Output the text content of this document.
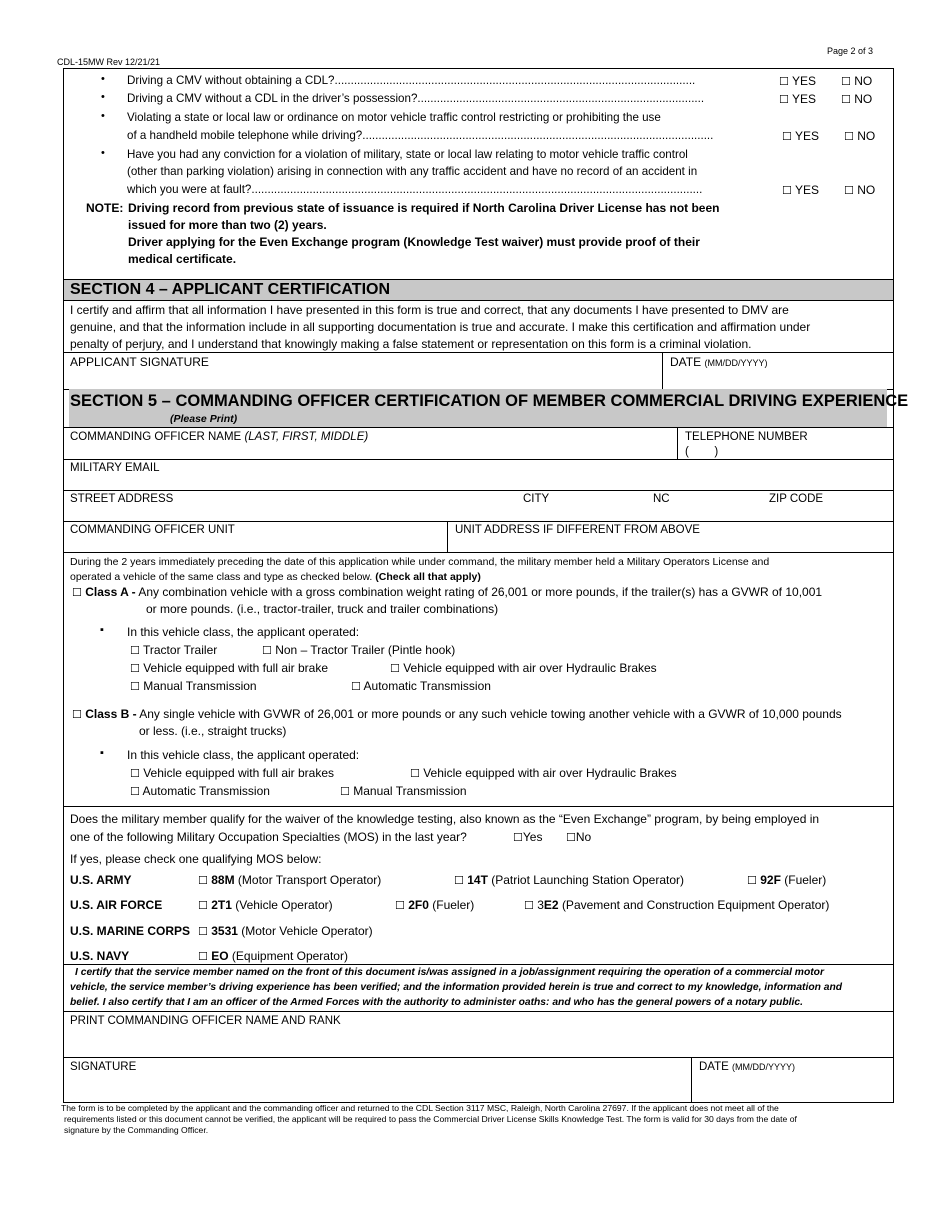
CDL-15MW Rev 12/21/21
Page 2 of 3
• Driving a CMV without obtaining a CDL?................................................................................................................	☐ YES ☐ NO
• Driving a CMV without a CDL in the driver’s possession?.........................................................................................	☐ YES ☐ NO
• Violating a state or local law or ordinance on motor vehicle traffic control restricting or prohibiting the use
of a handheld mobile telephone while driving?.............................................................................................................	☐ YES ☐ NO
• Have you had any conviction for a violation of military, state or local law relating to motor vehicle traffic control
(other than parking violation) arising in connection with any traffic accident and have no record of an accident in
which you were at fault?............................................................................................................................................	☐ YES ☐ NO
NOTE: Driving record from previous state of issuance is required if North Carolina Driver License has not been
issued for more than two (2) years.
Driver applying for the Even Exchange program (Knowledge Test waiver) must provide proof of their
medical certificate.
SECTION 4 – APPLICANT CERTIFICATION
I certify and affirm that all information I have presented in this form is true and correct, that any documents I have presented to DMV are
genuine, and that the information include in all supporting documentation is true and accurate. I make this certification and affirmation under
penalty of perjury, and I understand that knowingly making a false statement or representation on this form is a criminal violation.
APPLICANT SIGNATURE	DATE (MM/DD/YYYY)
SECTION 5 – COMMANDING OFFICER CERTIFICATION OF MEMBER COMMERCIAL DRIVING EXPERIENCE
(Please Print)
COMMANDING OFFICER NAME (LAST, FIRST, MIDDLE)	TELEPHONE NUMBER
(        )
MILITARY EMAIL
STREET ADDRESS	CITY	NC	ZIP CODE
COMMANDING OFFICER UNIT	UNIT ADDRESS IF DIFFERENT FROM ABOVE
During the 2 years immediately preceding the date of this application while under command, the military member held a Military Operators License and
operated a vehicle of the same class and type as checked below. (Check all that apply)
☐ Class A - Any combination vehicle with a gross combination weight rating of 26,001 or more pounds, if the trailer(s) has a GVWR of 10,001
or more pounds. (i.e., tractor-trailer, truck and trailer combinations)
▪ In this vehicle class, the applicant operated:
☐ Tractor Trailer	☐ Non – Tractor Trailer (Pintle hook)
☐ Vehicle equipped with full air brake	☐ Vehicle equipped with air over Hydraulic Brakes
☐ Manual Transmission	☐ Automatic Transmission
☐ Class B - Any single vehicle with GVWR of 26,001 or more pounds or any such vehicle towing another vehicle with a GVWR of 10,000 pounds
or less. (i.e., straight trucks)
▪ In this vehicle class, the applicant operated:
☐ Vehicle equipped with full air brakes	☐ Vehicle equipped with air over Hydraulic Brakes
☐ Automatic Transmission	☐ Manual Transmission
Does the military member qualify for the waiver of the knowledge testing, also known as the “Even Exchange” program, by being employed in
one of the following Military Occupation Specialties (MOS) in the last year?	☐Yes ☐No
If yes, please check one qualifying MOS below:
U.S. ARMY	☐ 88M (Motor Transport Operator)	☐ 14T (Patriot Launching Station Operator)	☐ 92F (Fueler)
U.S. AIR FORCE	☐ 2T1 (Vehicle Operator)	☐ 2F0 (Fueler)	☐ 3E2 (Pavement and Construction Equipment Operator)
U.S. MARINE CORPS ☐ 3531 (Motor Vehicle Operator)
U.S. NAVY	☐ EO (Equipment Operator)
I certify that the service member named on the front of this document is/was assigned in a job/assignment requiring the operation of a commercial motor
vehicle, the service member’s driving experience has been verified; and the information provided herein is true and correct to my knowledge, information and
belief. I also certify that I am an officer of the Armed Forces with the authority to administer oaths: and who has the general powers of a notary public.
PRINT COMMANDING OFFICER NAME AND RANK
SIGNATURE	DATE (MM/DD/YYYY)
The form is to be completed by the applicant and the commanding officer and returned to the CDL Section 3117 MSC, Raleigh, North Carolina 27697. If the applicant does not meet all of the
requirements listed or this document cannot be verified, the applicant will be required to pass the Commercial Driver License Skills Knowledge Test. The form is valid for 30 days from the date of
signature by the Commanding Officer.
